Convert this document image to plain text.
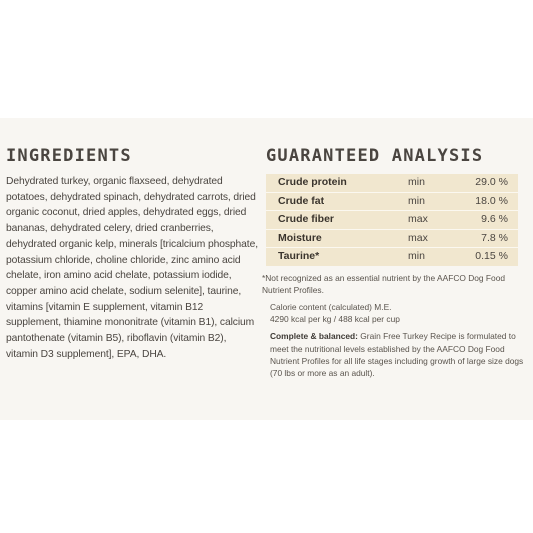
INGREDIENTS

Dehydrated turkey, organic flaxseed, dehydrated potatoes, dehydrated spinach, dehydrated carrots, dried organic coconut, dried apples, dehydrated eggs, dried bananas, dehydrated celery, dried cranberries, dehydrated organic kelp, minerals [tricalcium phosphate, potassium chloride, choline chloride, zinc amino acid chelate, iron amino acid chelate, potassium iodide, copper amino acid chelate, sodium selenite], taurine, vitamins [vitamin E supplement, vitamin B12 supplement, thiamine mononitrate (vitamin B1), calcium pantothenate (vitamin B5), riboflavin (vitamin B2), vitamin D3 supplement], EPA, DHA.

GUARANTEED ANALYSIS
Crude protein	min	29.0 %
Crude fat	min	18.0 %
Crude fiber	max	9.6 %
Moisture	max	7.8 %
Taurine*	min	0.15 %

*Not recognized as an essential nutrient by the AAFCO Dog Food Nutrient Profiles.

Calorie content (calculated) M.E.
4290 kcal per kg / 488 kcal per cup

Complete & balanced: Grain Free Turkey Recipe is formulated to meet the nutritional levels established by the AAFCO Dog Food Nutrient Profiles for all life stages including growth of large size dogs (70 lbs or more as an adult).
